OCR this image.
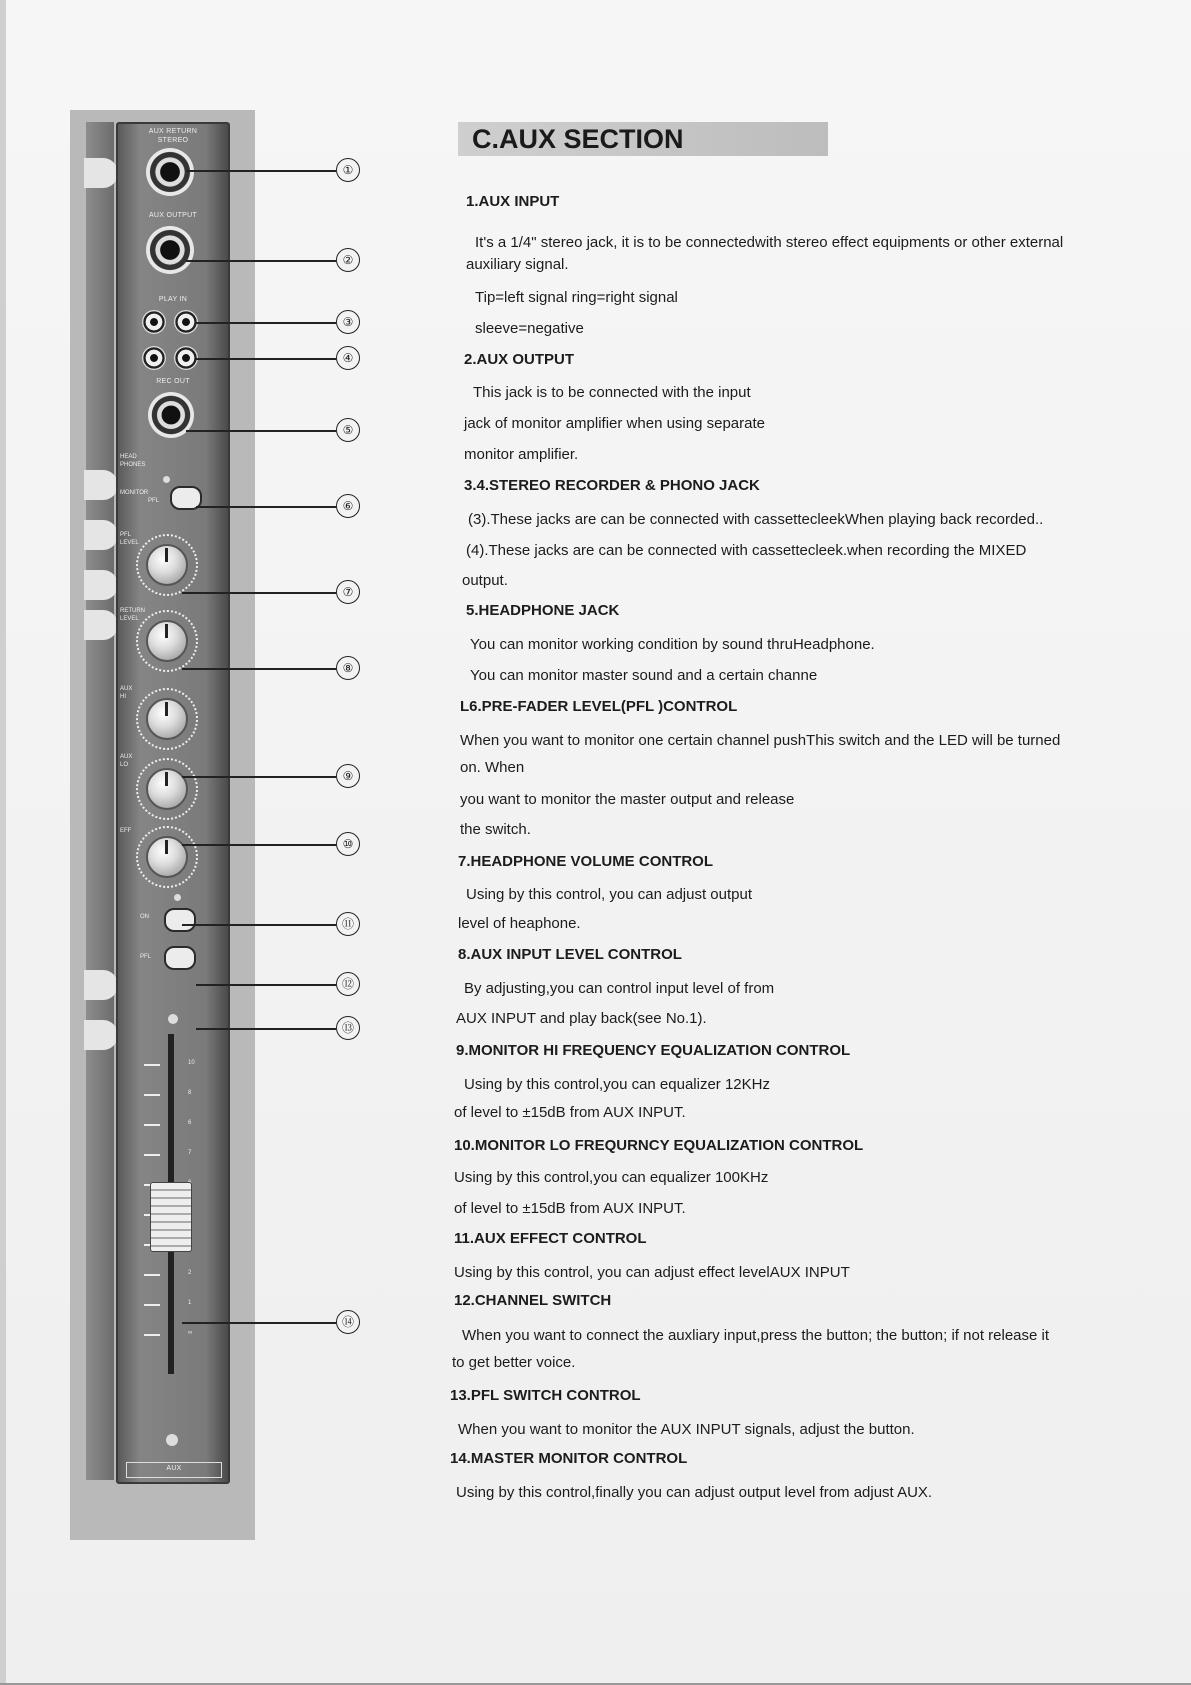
AUX RETURN
STEREO
AUX OUTPUT
PLAY IN
REC OUT
HEAD
PHONES
MONITOR
PFL
PFL
LEVEL
RETURN
LEVEL
AUX
HI
AUX
LO
EFF
ON
PFL
10
8
6
7
2
1
∞
AUX
①
②
③
④
⑤
⑥
⑦
⑧
⑨
⑩
⑪
⑫
⑬
⑭
C.AUX SECTION
1.AUX INPUT
It's a 1/4" stereo jack, it is to be connectedwith stereo effect equipments or other external
auxiliary signal.
Tip=left signal ring=right signal
sleeve=negative
2.AUX OUTPUT
This jack is to be connected with the input
jack of monitor amplifier when using separate
monitor amplifier.
3.4.STEREO RECORDER & PHONO JACK
(3).These jacks are can be connected with cassettecleekWhen playing back recorded..
(4).These jacks are can be connected with cassettecleek.when recording the MIXED
output.
5.HEADPHONE JACK
You can monitor working condition by sound thruHeadphone.
You can monitor master sound and a certain channe
L6.PRE-FADER LEVEL(PFL )CONTROL
When you want to monitor one certain channel pushThis switch and the LED will be turned
on. When
you want to monitor the master output and release
the switch.
7.HEADPHONE VOLUME CONTROL
Using by this control, you can adjust output
level of heaphone.
8.AUX INPUT LEVEL CONTROL
By adjusting,you can control input level of from
AUX INPUT and play back(see No.1).
9.MONITOR HI FREQUENCY EQUALIZATION CONTROL
Using by this control,you can equalizer 12KHz
of level to ±15dB from AUX INPUT.
10.MONITOR LO FREQURNCY EQUALIZATION CONTROL
Using by this control,you can equalizer 100KHz
of level to ±15dB from AUX INPUT.
11.AUX EFFECT CONTROL
Using by this control, you can adjust effect levelAUX INPUT
12.CHANNEL SWITCH
When you want to connect the auxliary input,press the button; the button; if not release it
to get better voice.
13.PFL SWITCH CONTROL
When you want to monitor the AUX INPUT signals, adjust the button.
14.MASTER MONITOR CONTROL
Using by this control,finally you can adjust output level from adjust AUX.
